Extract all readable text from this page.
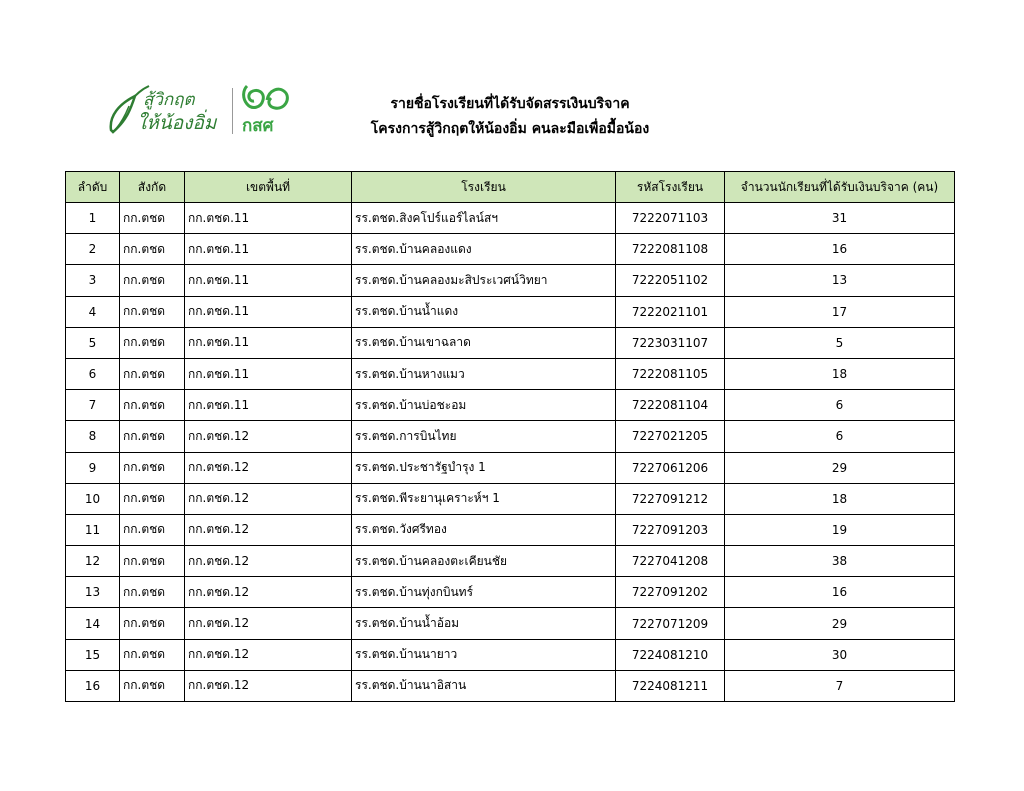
สู้วิกฤต
ให้น้องอิ่ม กสศ
รายชื่อโรงเรียนที่ได้รับจัดสรรเงินบริจาค
โครงการสู้วิกฤตให้น้องอิ่ม คนละมือเพื่อมื้อน้อง
ลำดับ	สังกัด	เขตพื้นที่	โรงเรียน	รหัสโรงเรียน	จำนวนนักเรียนที่ได้รับเงินบริจาค (คน)
1	กก.ตชด	กก.ตชด.11	รร.ตชด.สิงคโปร์แอร์ไลน์สฯ	7222071103	31
2	กก.ตชด	กก.ตชด.11	รร.ตชด.บ้านคลองแดง	7222081108	16
3	กก.ตชด	กก.ตชด.11	รร.ตชด.บ้านคลองมะสิประเวศน์วิทยา	7222051102	13
4	กก.ตชด	กก.ตชด.11	รร.ตชด.บ้านน้ำแดง	7222021101	17
5	กก.ตชด	กก.ตชด.11	รร.ตชด.บ้านเขาฉลาด	7223031107	5
6	กก.ตชด	กก.ตชด.11	รร.ตชด.บ้านหางแมว	7222081105	18
7	กก.ตชด	กก.ตชด.11	รร.ตชด.บ้านบ่อชะอม	7222081104	6
8	กก.ตชด	กก.ตชด.12	รร.ตชด.การบินไทย	7227021205	6
9	กก.ตชด	กก.ตชด.12	รร.ตชด.ประชารัฐบำรุง 1	7227061206	29
10	กก.ตชด	กก.ตชด.12	รร.ตชด.พีระยานุเคราะห์ฯ 1	7227091212	18
11	กก.ตชด	กก.ตชด.12	รร.ตชด.วังศรีทอง	7227091203	19
12	กก.ตชด	กก.ตชด.12	รร.ตชด.บ้านคลองตะเคียนชัย	7227041208	38
13	กก.ตชด	กก.ตชด.12	รร.ตชด.บ้านทุ่งกบินทร์	7227091202	16
14	กก.ตชด	กก.ตชด.12	รร.ตชด.บ้านน้ำอ้อม	7227071209	29
15	กก.ตชด	กก.ตชด.12	รร.ตชด.บ้านนายาว	7224081210	30
16	กก.ตชด	กก.ตชด.12	รร.ตชด.บ้านนาอิสาน	7224081211	7
